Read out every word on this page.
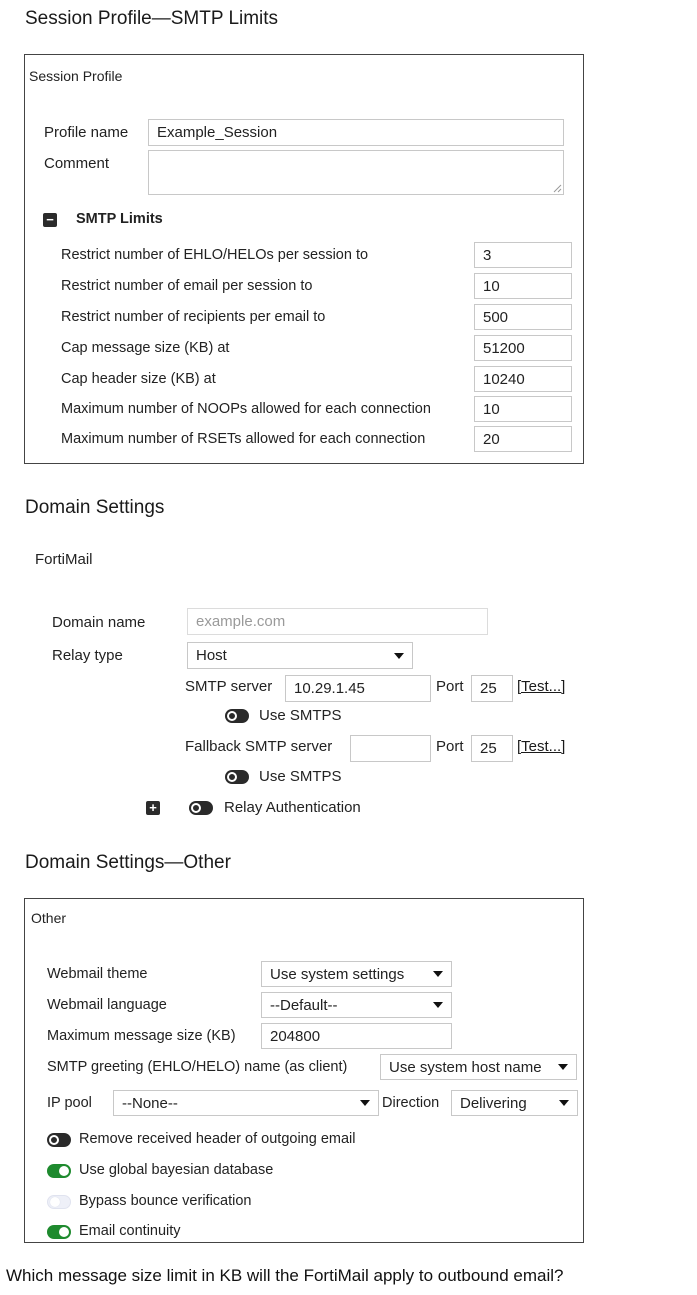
Session Profile—SMTP Limits
Session Profile
Profile name	Example_Session
Comment
− SMTP Limits
Restrict number of EHLO/HELOs per session to	3
Restrict number of email per session to	10
Restrict number of recipients per email to	500
Cap message size (KB) at	51200
Cap header size (KB) at	10240
Maximum number of NOOPs allowed for each connection	10
Maximum number of RSETs allowed for each connection	20
Domain Settings
FortiMail
Domain name	example.com
Relay type	Host
SMTP server	10.29.1.45	Port	25	[Test...]
Use SMTPS
Fallback SMTP server	Port	25	[Test...]
Use SMTPS
+	Relay Authentication
Domain Settings—Other
Other
Webmail theme	Use system settings
Webmail language	--Default--
Maximum message size (KB)	204800
SMTP greeting (EHLO/HELO) name (as client)	Use system host name
IP pool --None--	Direction Delivering
Remove received header of outgoing email
Use global bayesian database
Bypass bounce verification
Email continuity
Which message size limit in KB will the FortiMail apply to outbound email?
